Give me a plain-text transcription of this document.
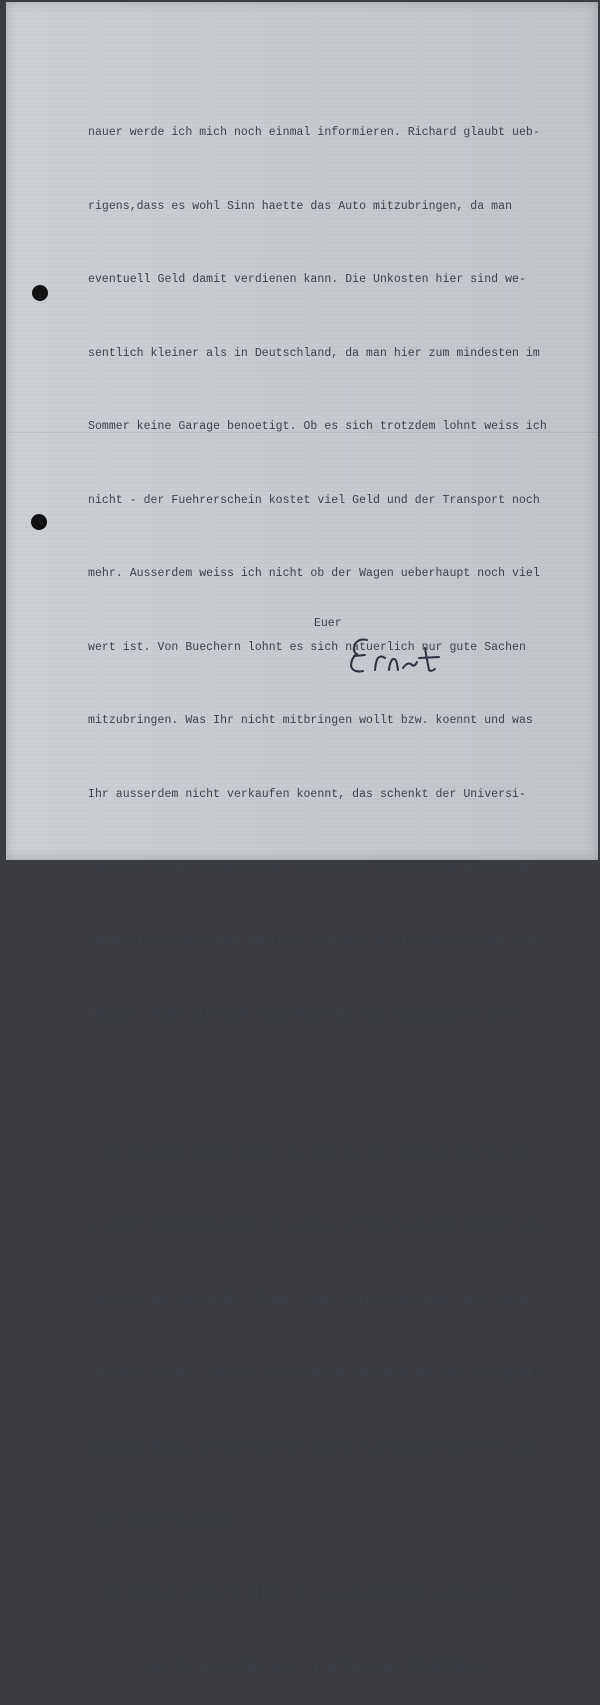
nauer werde ich mich noch einmal informieren. Richard glaubt ueb-

rigens,dass es wohl Sinn haette das Auto mitzubringen, da man

eventuell Geld damit verdienen kann. Die Unkosten hier sind we-

sentlich kleiner als in Deutschland, da man hier zum mindesten im

Sommer keine Garage benoetigt. Ob es sich trotzdem lohnt weiss ich

nicht - der Fuehrerschein kostet viel Geld und der Transport noch

mehr. Ausserdem weiss ich nicht ob der Wagen ueberhaupt noch viel

wert ist. Von Buechern lohnt es sich natuerlich nur gute Sachen

mitzubringen. Was Ihr nicht mitbringen wollt bzw. koennt und was

Ihr ausserdem nicht verkaufen koennt, das schenkt der Universi-

taetsbibliothek in Jerusalem, die soviel ich weiss in Koeln eine

Sammelstelle hat. Wenn moeglich schickt mir eine Aufstellung aller

Buecher, damit ich Euch raten kann was sich mitzubringen lohnt.

Von mir hier nichts Neues. Es geht mir gut und bin ich den Um-

staenden angemessen recht zufrieden. Anfang der Woche erhielt ich

Geld von der Haavarah - leider immer noch nicht mehr. Doch kaeme

ich auch so aus, nur ist es schade um das Geld das verloren geht.

Auch die 10 RM. von Grossmutter habe ich inzwischen erhalten und

danke vielmals dafuer.

Das waere fuer heute alles. Mit vielen Gruessen und Kuessen

und den Wuenschen nach einem baldigen Wiedersehen

Euer
